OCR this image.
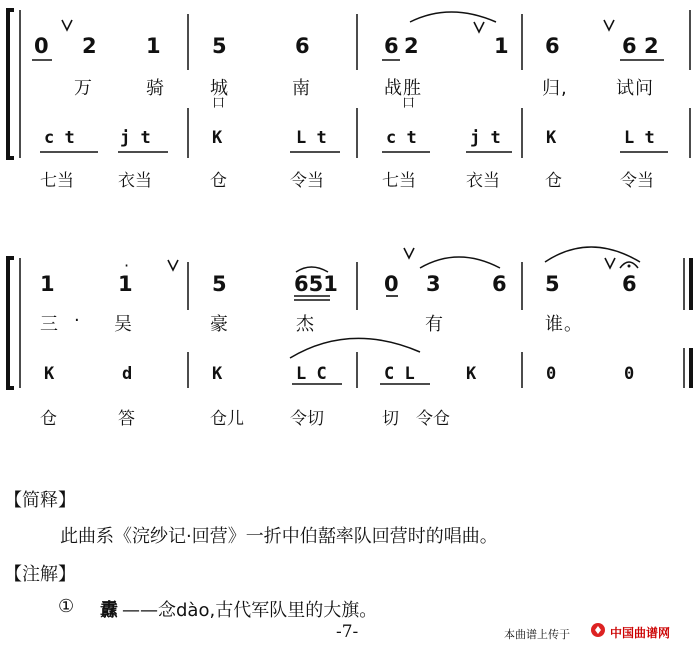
0 2 1 5	6	6 2	1 6	6 2
万	骑	城	南	战胜	归,	试问
口	口
c t	j t	K	L t	c t	j t	K	L t
七当	衣当	仓	令当	七当	衣当	仓	令当
1	1	5	651 0 3 6 5	6
·
三 · 吴	豪	杰	有	谁。
K	d	K	L C	C L	K	0	0
仓	答	仓儿	令切	切 令仓
【简释】
此曲系《浣纱记·回营》一折中伯嚭率队回营时的唱曲。
【注解】
① 纛 ——念dào,古代军队里的大旗。
-7-	本曲谱上传于	中国曲谱网
